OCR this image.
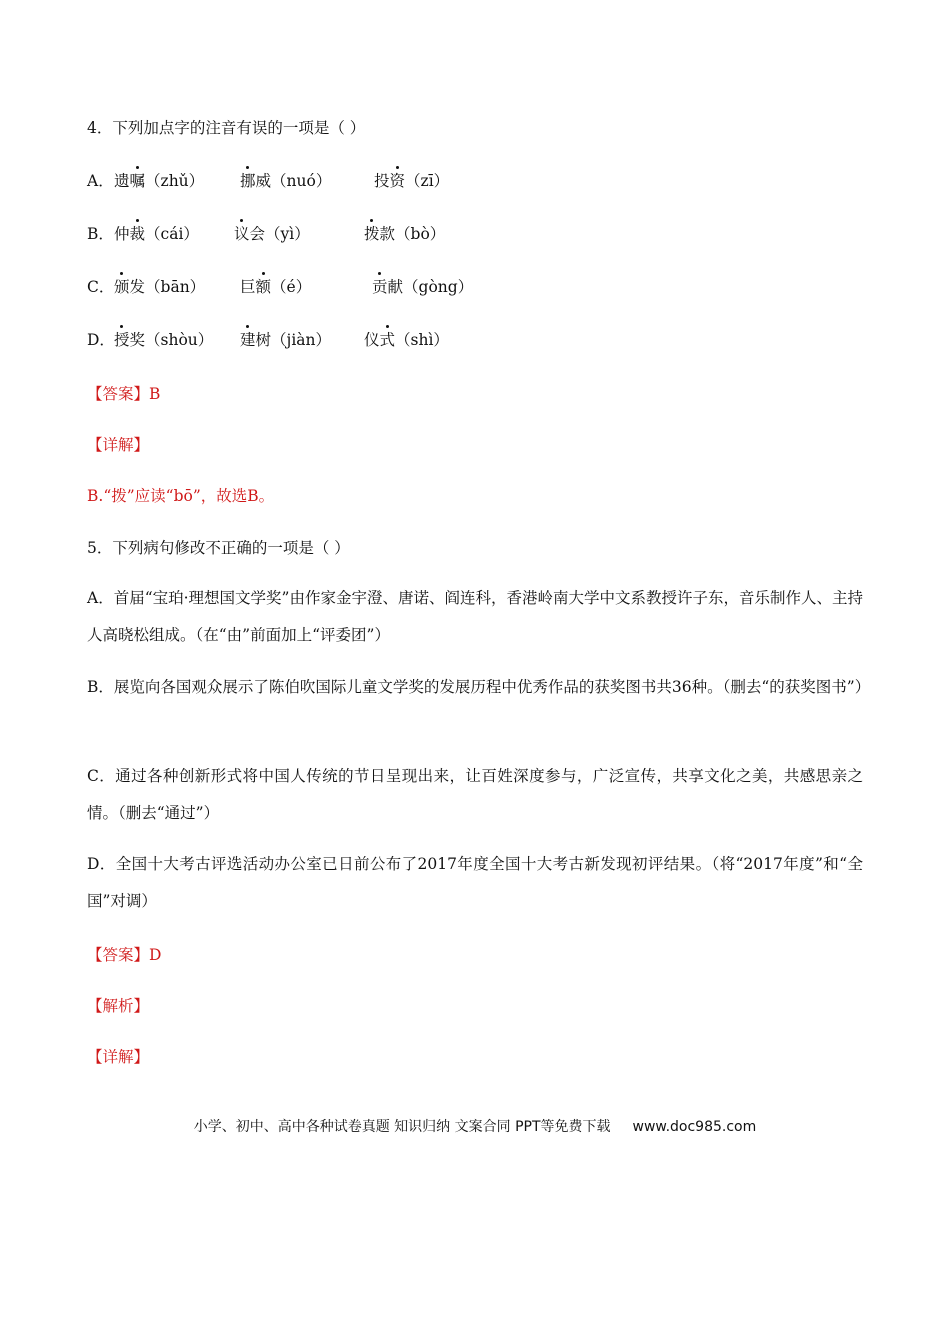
4．下列加点字的注音有误的一项是（ ）
A． 遗嘱（zhǔ） 挪威（nuó）	投资（zī）
B． 仲裁（cái） 议会（yì）	拨款（bò）
C． 颁发（bān） 巨额（é）	贡献（gòng）
D． 授奖（shòu） 建树（jiàn） 仪式（shì）
【答案】B
【详解】
B.“拨”应读“bō”，故选B。
5．下列病句修改不正确的一项是（ ）
A．首届“宝珀·理想国文学奖”由作家金宇澄、唐诺、阎连科，香港岭南大学中文系教授许子东，音乐制作人、主持人高晓松组成。（在“由”前面加上“评委团”）
B．展览向各国观众展示了陈伯吹国际儿童文学奖的发展历程中优秀作品的获奖图书共36种。（删去“的获奖图书”）
C．通过各种创新形式将中国人传统的节日呈现出来，让百姓深度参与，广泛宣传，共享文化之美，共感思亲之情。（删去“通过”）
D．全国十大考古评选活动办公室已日前公布了2017年度全国十大考古新发现初评结果。（将“2017年度”和“全国”对调）
【答案】D
【解析】
【详解】
小学、初中、高中各种试卷真题 知识归纳 文案合同 PPT等免费下载 www.doc985.com
